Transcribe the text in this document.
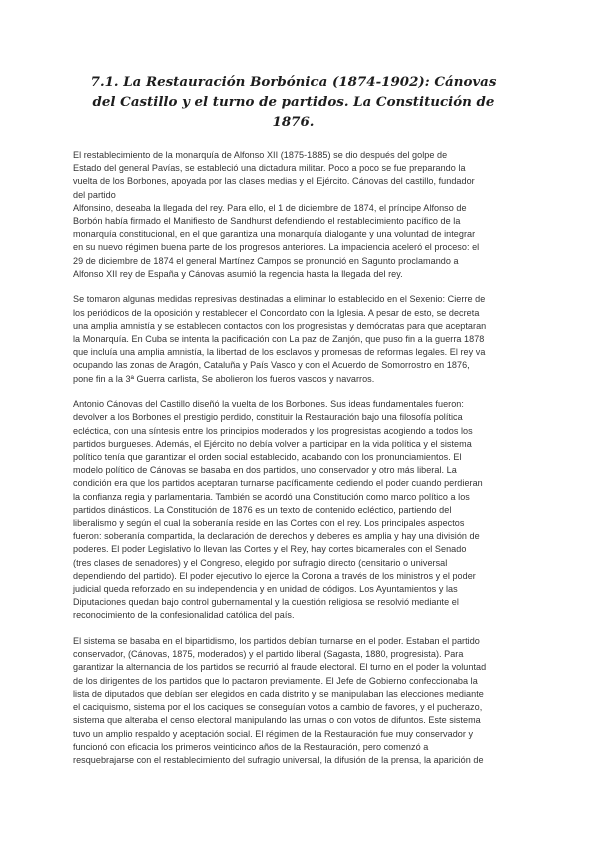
7.1. La Restauración Borbónica (1874-1902): Cánovas del Castillo y el turno de partidos. La Constitución de 1876.

El restablecimiento de la monarquía de Alfonso XII (1875-1885) se dio después del golpe de
Estado del general Pavías, se estableció una dictadura militar. Poco a poco se fue preparando la
vuelta de los Borbones, apoyada por las clases medias y el Ejército. Cánovas del castillo, fundador
del partido
Alfonsino, deseaba la llegada del rey. Para ello, el 1 de diciembre de 1874, el príncipe Alfonso de
Borbón había firmado el Manifiesto de Sandhurst defendiendo el restablecimiento pacífico de la
monarquía constitucional, en el que garantiza una monarquía dialogante y una voluntad de integrar
en su nuevo régimen buena parte de los progresos anteriores. La impaciencia aceleró el proceso: el
29 de diciembre de 1874 el general Martínez Campos se pronunció en Sagunto proclamando a
Alfonso XII rey de España y Cánovas asumió la regencia hasta la llegada del rey.

Se tomaron algunas medidas represivas destinadas a eliminar lo establecido en el Sexenio: Cierre de
los periódicos de la oposición y restablecer el Concordato con la Iglesia. A pesar de esto, se decreta
una amplia amnistía y se establecen contactos con los progresistas y demócratas para que aceptaran
la Monarquía. En Cuba se intenta la pacificación con La paz de Zanjón, que puso fin a la guerra 1878
que incluía una amplia amnistía, la libertad de los esclavos y promesas de reformas legales. El rey va
ocupando las zonas de Aragón, Cataluña y País Vasco y con el Acuerdo de Somorrostro en 1876,
pone fin a la 3ª Guerra carlista, Se abolieron los fueros vascos y navarros.

Antonio Cánovas del Castillo diseñó la vuelta de los Borbones. Sus ideas fundamentales fueron:
devolver a los Borbones el prestigio perdido, constituir la Restauración bajo una filosofía política
ecléctica, con una síntesis entre los principios moderados y los progresistas acogiendo a todos los
partidos burgueses. Además, el Ejército no debía volver a participar en la vida política y el sistema
político tenía que garantizar el orden social establecido, acabando con los pronunciamientos. El
modelo político de Cánovas se basaba en dos partidos, uno conservador y otro más liberal. La
condición era que los partidos aceptaran turnarse pacíficamente cediendo el poder cuando perdieran
la confianza regia y parlamentaria. También se acordó una Constitución como marco político a los
partidos dinásticos. La Constitución de 1876 es un texto de contenido ecléctico, partiendo del
liberalismo y según el cual la soberanía reside en las Cortes con el rey. Los principales aspectos
fueron: soberanía compartida, la declaración de derechos y deberes es amplia y hay una división de
poderes. El poder Legislativo lo llevan las Cortes y el Rey, hay cortes bicamerales con el Senado
(tres clases de senadores) y el Congreso, elegido por sufragio directo (censitario o universal
dependiendo del partido). El poder ejecutivo lo ejerce la Corona a través de los ministros y el poder
judicial queda reforzado en su independencia y en unidad de códigos. Los Ayuntamientos y las
Diputaciones quedan bajo control gubernamental y la cuestión religiosa se resolvió mediante el
reconocimiento de la confesionalidad católica del país.

El sistema se basaba en el bipartidismo, los partidos debían turnarse en el poder. Estaban el partido
conservador, (Cánovas, 1875, moderados) y el partido liberal (Sagasta, 1880, progresista). Para
garantizar la alternancia de los partidos se recurrió al fraude electoral. El turno en el poder la voluntad
de los dirigentes de los partidos que lo pactaron previamente. El Jefe de Gobierno confeccionaba la
lista de diputados que debían ser elegidos en cada distrito y se manipulaban las elecciones mediante
el caciquismo, sistema por el los caciques se conseguían votos a cambio de favores, y el pucherazo,
sistema que alteraba el censo electoral manipulando las urnas o con votos de difuntos. Este sistema
tuvo un amplio respaldo y aceptación social. El régimen de la Restauración fue muy conservador y
funcionó con eficacia los primeros veinticinco años de la Restauración, pero comenzó a
resquebrajarse con el restablecimiento del sufragio universal, la difusión de la prensa, la aparición de
